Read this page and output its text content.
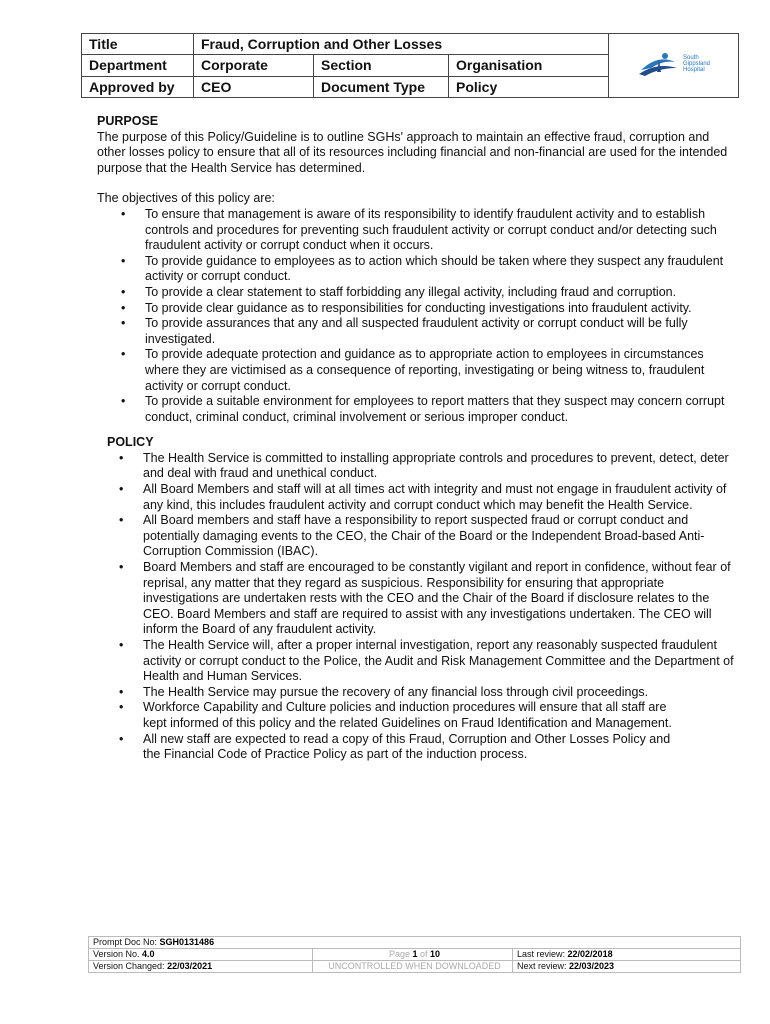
Title	Fraud, Corruption and Other Losses			South
Gippsland
Hospital

Department	Corporate	Section	Organisation	
Approved by	CEO	Document Type	Policy	

PURPOSE

The purpose of this Policy/Guideline is to outline SGHs' approach to maintain an effective fraud, corruption and other losses policy to ensure that all of its resources including financial and non-financial are used for the intended purpose that the Health Service has determined.

The objectives of this policy are:

• To ensure that management is aware of its responsibility to identify fraudulent activity and to establish controls and procedures for preventing such fraudulent activity or corrupt conduct and/or detecting such fraudulent activity or corrupt conduct when it occurs.
• To provide guidance to employees as to action which should be taken where they suspect any fraudulent activity or corrupt conduct.
• To provide a clear statement to staff forbidding any illegal activity, including fraud and corruption.
• To provide clear guidance as to responsibilities for conducting investigations into fraudulent activity.
• To provide assurances that any and all suspected fraudulent activity or corrupt conduct will be fully investigated.
• To provide adequate protection and guidance as to appropriate action to employees in circumstances where they are victimised as a consequence of reporting, investigating or being witness to, fraudulent activity or corrupt conduct.
• To provide a suitable environment for employees to report matters that they suspect may concern corrupt conduct, criminal conduct, criminal involvement or serious improper conduct.

POLICY

• The Health Service is committed to installing appropriate controls and procedures to prevent, detect, deter and deal with fraud and unethical conduct.
• All Board Members and staff will at all times act with integrity and must not engage in fraudulent activity of any kind, this includes fraudulent activity and corrupt conduct which may benefit the Health Service.
• All Board members and staff have a responsibility to report suspected fraud or corrupt conduct and potentially damaging events to the CEO, the Chair of the Board or the Independent Broad-based Anti-Corruption Commission (IBAC).
• Board Members and staff are encouraged to be constantly vigilant and report in confidence, without fear of reprisal, any matter that they regard as suspicious. Responsibility for ensuring that appropriate investigations are undertaken rests with the CEO and the Chair of the Board if disclosure relates to the CEO. Board Members and staff are required to assist with any investigations undertaken. The CEO will inform the Board of any fraudulent activity.
• The Health Service will, after a proper internal investigation, report any reasonably suspected fraudulent activity or corrupt conduct to the Police, the Audit and Risk Management Committee and the Department of Health and Human Services.
• The Health Service may pursue the recovery of any financial loss through civil proceedings.
• Workforce Capability and Culture policies and induction procedures will ensure that all staff are

kept informed of this policy and the related Guidelines on Fraud Identification and Management.

• All new staff are expected to read a copy of this Fraud, Corruption and Other Losses Policy and

the Financial Code of Practice Policy as part of the induction process.

Prompt Doc No: SGH0131486		
Version No. 4.0	Page 1 of 10	Last review: 22/02/2018
Version Changed: 22/03/2021	UNCONTROLLED WHEN DOWNLOADED	Next review: 22/03/2023
